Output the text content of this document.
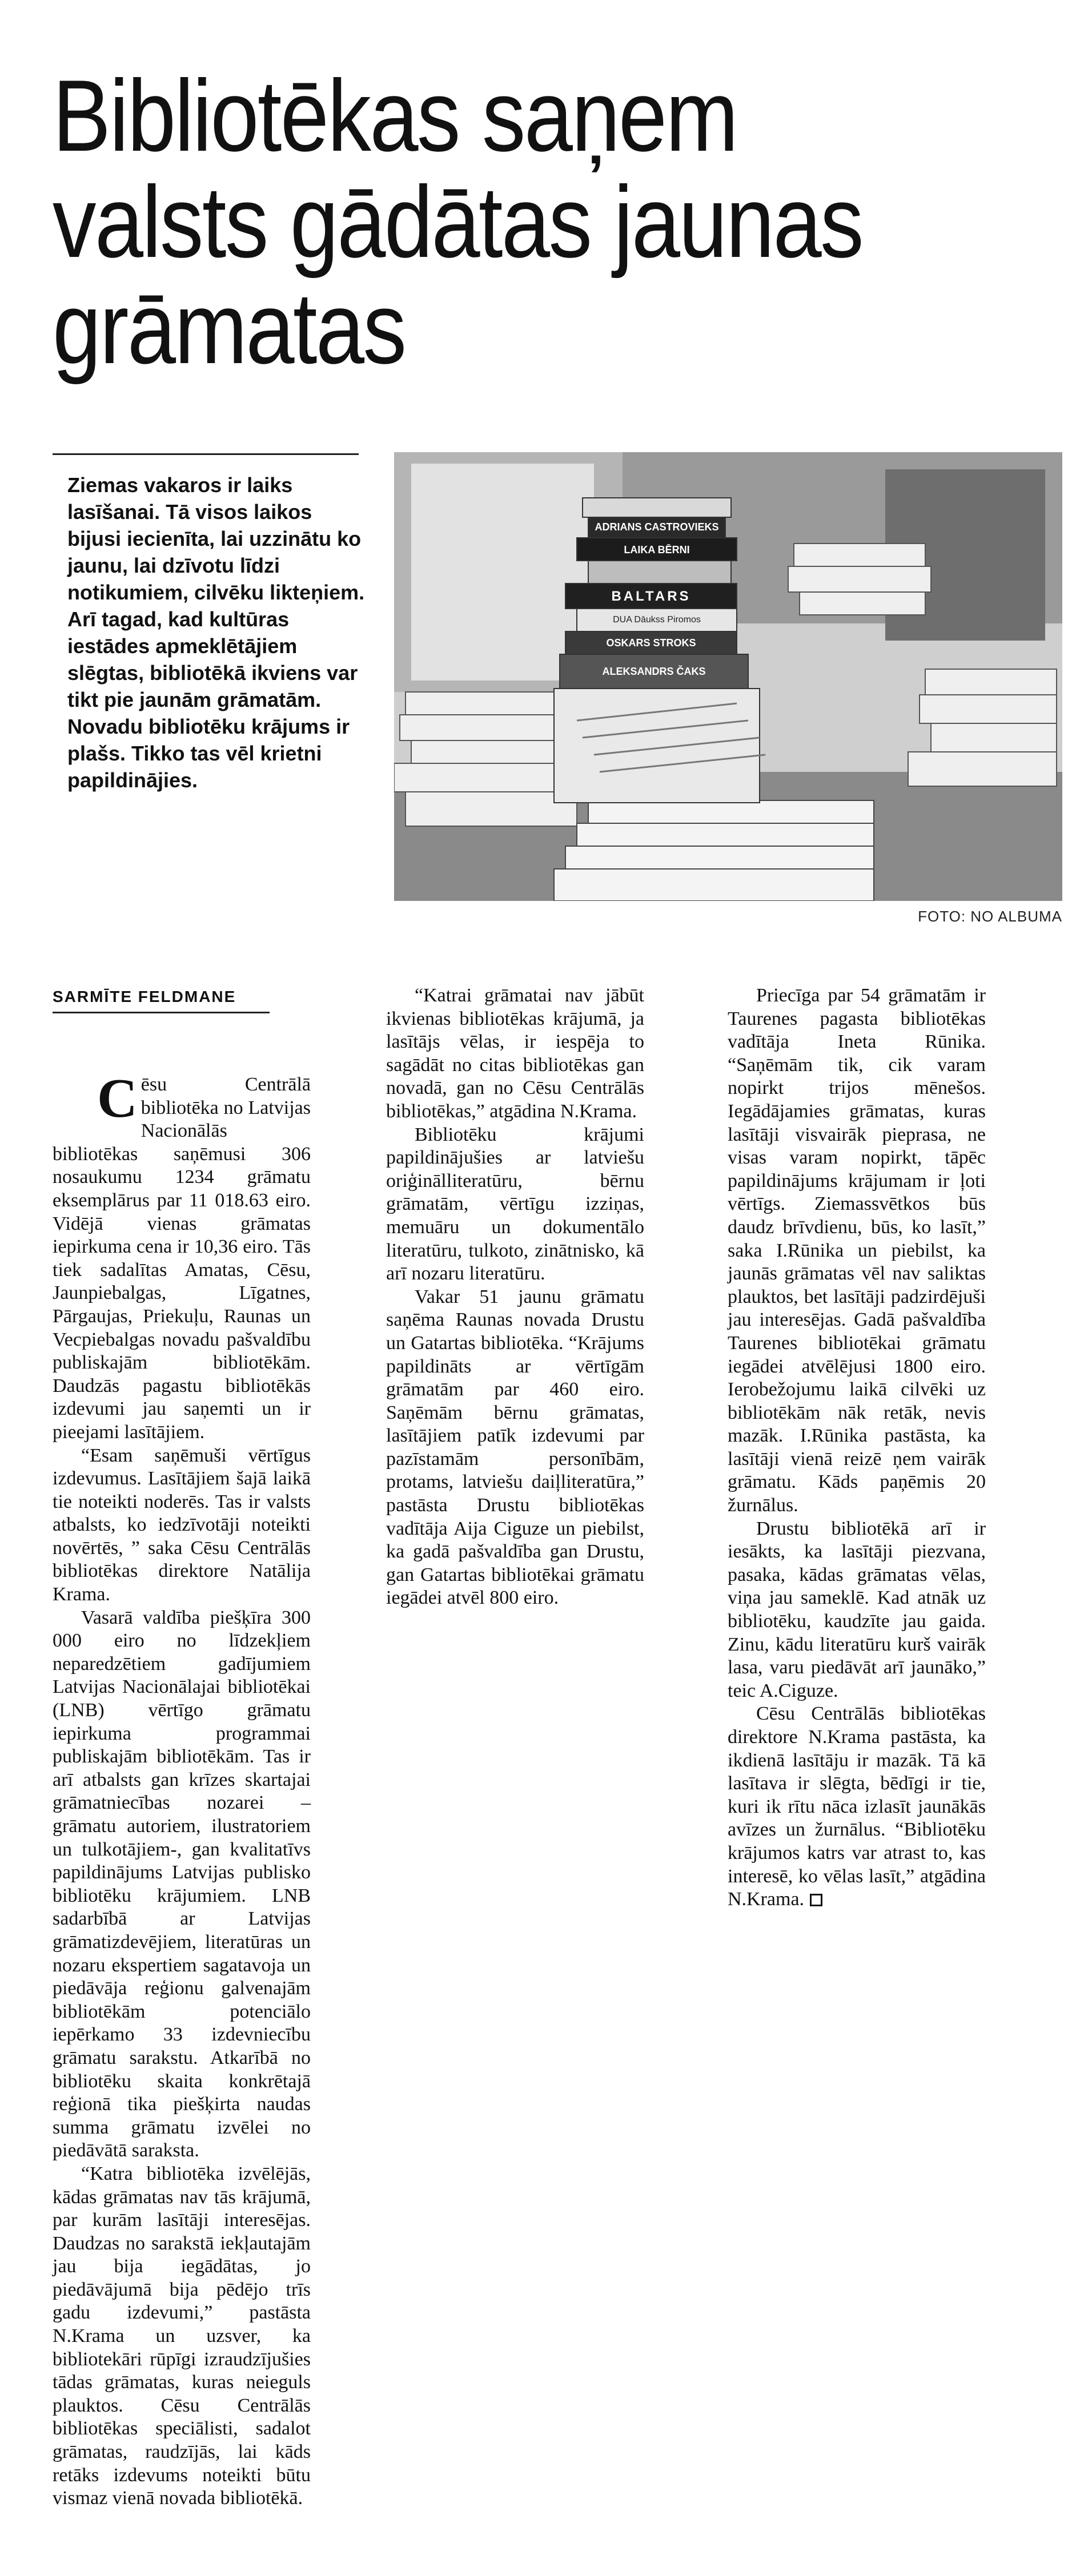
Bibliotēkas saņem valsts gādātas jaunas grāmatas
Ziemas vakaros ir laiks lasīšanai. Tā visos laikos bijusi iecienīta, lai uzzinātu ko jaunu, lai dzīvotu līdzi notikumiem, cilvēku likteņiem. Arī tagad, kad kultūras iestādes apmeklētājiem slēgtas, bibliotēkā ikviens var tikt pie jaunām grāmatām. Novadu bibliotēku krājums ir plašs. Tikko tas vēl krietni papildinājies.
ADRIANS CASTROVIEKS
LAIKA BĒRNI
BALTARS
OSKARS STROKS
ALEKSANDRS ČAKS
DUA Dāukss Piromos
FOTO: NO ALBUMA
SARMĪTE FELDMANE

Cēsu Centrālā bibliotēka no Latvijas Nacionālās bibliotēkas saņēmusi 306 nosaukumu 1234 grāmatu eksemplārus par 11 018.63 eiro. Vidējā vienas grāmatas iepirkuma cena ir 10,36 eiro. Tās tiek sadalītas Amatas, Cēsu, Jaunpiebalgas, Līgatnes, Pārgaujas, Priekuļu, Raunas un Vecpiebalgas novadu pašvaldību publiskajām bibliotēkām. Daudzās pagastu bibliotēkās izdevumi jau saņemti un ir pieejami lasītājiem.

“Esam saņēmuši vērtīgus izdevumus. Lasītājiem šajā laikā tie noteikti noderēs. Tas ir valsts atbalsts, ko iedzīvotāji noteikti novērtēs, ” saka Cēsu Centrālās bibliotēkas direktore Natālija Krama.

Vasarā valdība piešķīra 300 000 eiro no līdzekļiem neparedzētiem gadījumiem Latvijas Nacionālajai bibliotēkai (LNB) vērtīgo grāmatu iepirkuma programmai publiskajām bibliotēkām. Tas ir arī atbalsts gan krīzes skartajai grāmatniecības nozarei – grāmatu autoriem, ilustratoriem un tulkotājiem-, gan kvalitatīvs papildinājums Latvijas publisko bibliotēku krājumiem. LNB sadarbībā ar Latvijas grāmatizdevējiem, literatūras un nozaru ekspertiem sagatavoja un piedāvāja reģionu galvenajām bibliotēkām potenciālo iepērkamo 33 izdevniecību grāmatu sarakstu. Atkarībā no bibliotēku skaita konkrētajā reģionā tika piešķirta naudas summa grāmatu izvēlei no piedāvātā saraksta.

“Katra bibliotēka izvēlējās, kādas grāmatas nav tās krājumā, par kurām lasītāji interesējas. Daudzas no sarakstā iekļautajām jau bija iegādātas, jo piedāvājumā bija pēdējo trīs gadu izdevumi,” pastāsta N.Krama un uzsver, ka bibliotekāri rūpīgi izraudzījušies tādas grāmatas, kuras neieguls plauktos. Cēsu Centrālās bibliotēkas speciālisti, sadalot grāmatas, raudzījās, lai kāds retāks izdevums noteikti būtu vismaz vienā novada bibliotēkā.

“Katrai grāmatai nav jābūt ikvienas bibliotēkas krājumā, ja lasītājs vēlas, ir iespēja to sagādāt no citas bibliotēkas gan novadā, gan no Cēsu Centrālās bibliotēkas,” atgādina N.Krama.

Bibliotēku krājumi papildinājušies ar latviešu oriģinālliteratūru, bērnu grāmatām, vērtīgu izziņas, memuāru un dokumentālo literatūru, tulkoto, zinātnisko, kā arī nozaru literatūru.

Vakar 51 jaunu grāmatu saņēma Raunas novada Drustu un Gatartas bibliotēka. “Krājums papildināts ar vērtīgām grāmatām par 460 eiro. Saņēmām bērnu grāmatas, lasītājiem patīk izdevumi par pazīstamām personībām, protams, latviešu daiļliteratūra,” pastāsta Drustu bibliotēkas vadītāja Aija Ciguze un piebilst, ka gadā pašvaldība gan Drustu, gan Gatartas bibliotēkai grāmatu iegādei atvēl 800 eiro.

Priecīga par 54 grāmatām ir Taurenes pagasta bibliotēkas vadītāja Ineta Rūnika. “Saņēmām tik, cik varam nopirkt trijos mēnešos. Iegādājamies grāmatas, kuras lasītāji visvairāk pieprasa, ne visas varam nopirkt, tāpēc papildinājums krājumam ir ļoti vērtīgs. Ziemassvētkos būs daudz brīvdienu, būs, ko lasīt,” saka I.Rūnika un piebilst, ka jaunās grāmatas vēl nav saliktas plauktos, bet lasītāji padzirdējuši jau interesējas. Gadā pašvaldība Taurenes bibliotēkai grāmatu iegādei atvēlējusi 1800 eiro. Ierobežojumu laikā cilvēki uz bibliotēkām nāk retāk, nevis mazāk. I.Rūnika pastāsta, ka lasītāji vienā reizē ņem vairāk grāmatu. Kāds paņēmis 20 žurnālus.

Drustu bibliotēkā arī ir iesākts, ka lasītāji piezvana, pasaka, kādas grāmatas vēlas, viņa jau sameklē. Kad atnāk uz bibliotēku, kaudzīte jau gaida. Zinu, kādu literatūru kurš vairāk lasa, varu piedāvāt arī jaunāko,” teic A.Ciguze.

Cēsu Centrālās bibliotēkas direktore N.Krama pastāsta, ka ikdienā lasītāju ir mazāk. Tā kā lasītava ir slēgta, bēdīgi ir tie, kuri ik rītu nāca izlasīt jaunākās avīzes un žurnālus. “Bibliotēku krājumos katrs var atrast to, kas interesē, ko vēlas lasīt,” atgādina N.Krama.
